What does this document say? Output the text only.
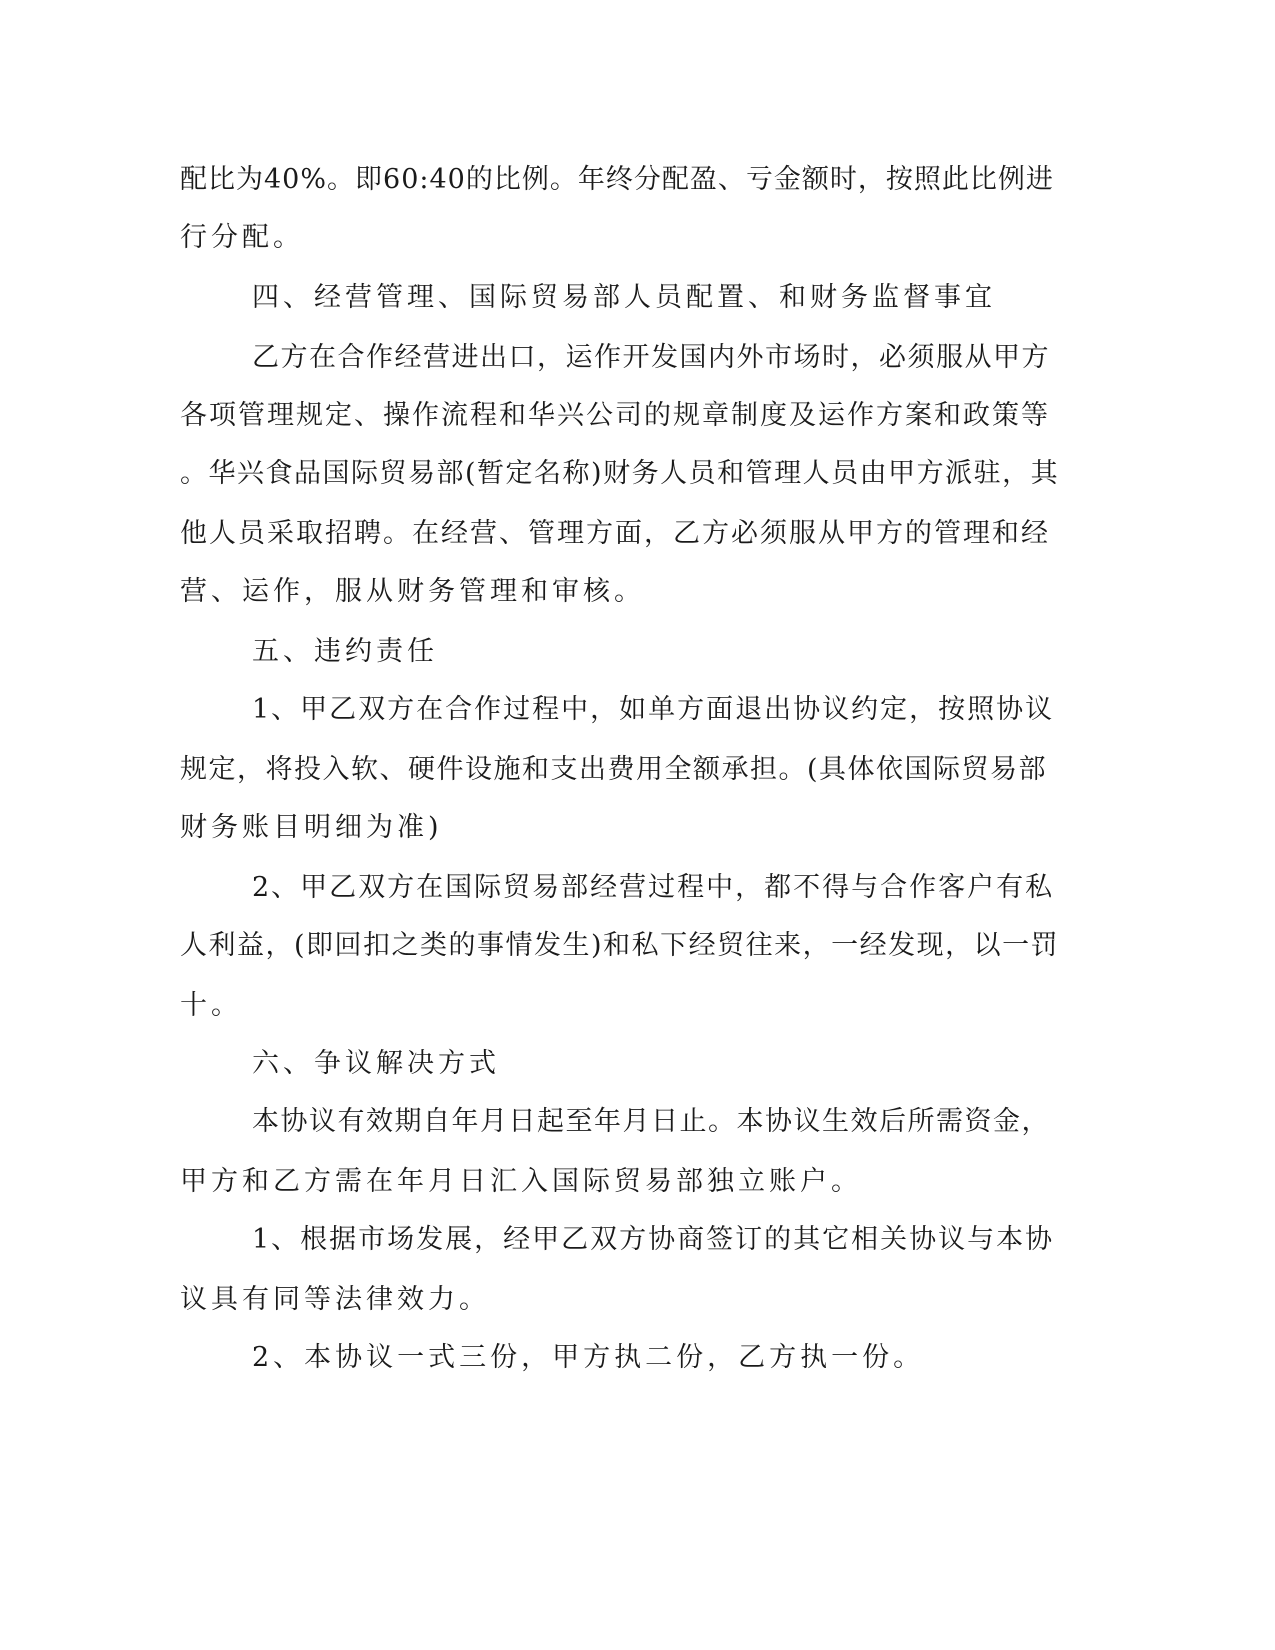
配比为40%。即60:40的比例。年终分配盈、亏金额时，按照此比例进

行分配。

四、经营管理、国际贸易部人员配置、和财务监督事宜

乙方在合作经营进出口，运作开发国内外市场时，必须服从甲方

各项管理规定、操作流程和华兴公司的规章制度及运作方案和政策等

。华兴食品国际贸易部(暂定名称)财务人员和管理人员由甲方派驻，其

他人员采取招聘。在经营、管理方面，乙方必须服从甲方的管理和经

营、运作，服从财务管理和审核。

五、违约责任

1、甲乙双方在合作过程中，如单方面退出协议约定，按照协议

规定，将投入软、硬件设施和支出费用全额承担。(具体依国际贸易部

财务账目明细为准)

2、甲乙双方在国际贸易部经营过程中，都不得与合作客户有私

人利益，(即回扣之类的事情发生)和私下经贸往来，一经发现，以一罚

十。

六、争议解决方式

本协议有效期自年月日起至年月日止。本协议生效后所需资金，

甲方和乙方需在年月日汇入国际贸易部独立账户。

1、根据市场发展，经甲乙双方协商签订的其它相关协议与本协

议具有同等法律效力。

2、本协议一式三份，甲方执二份，乙方执一份。
